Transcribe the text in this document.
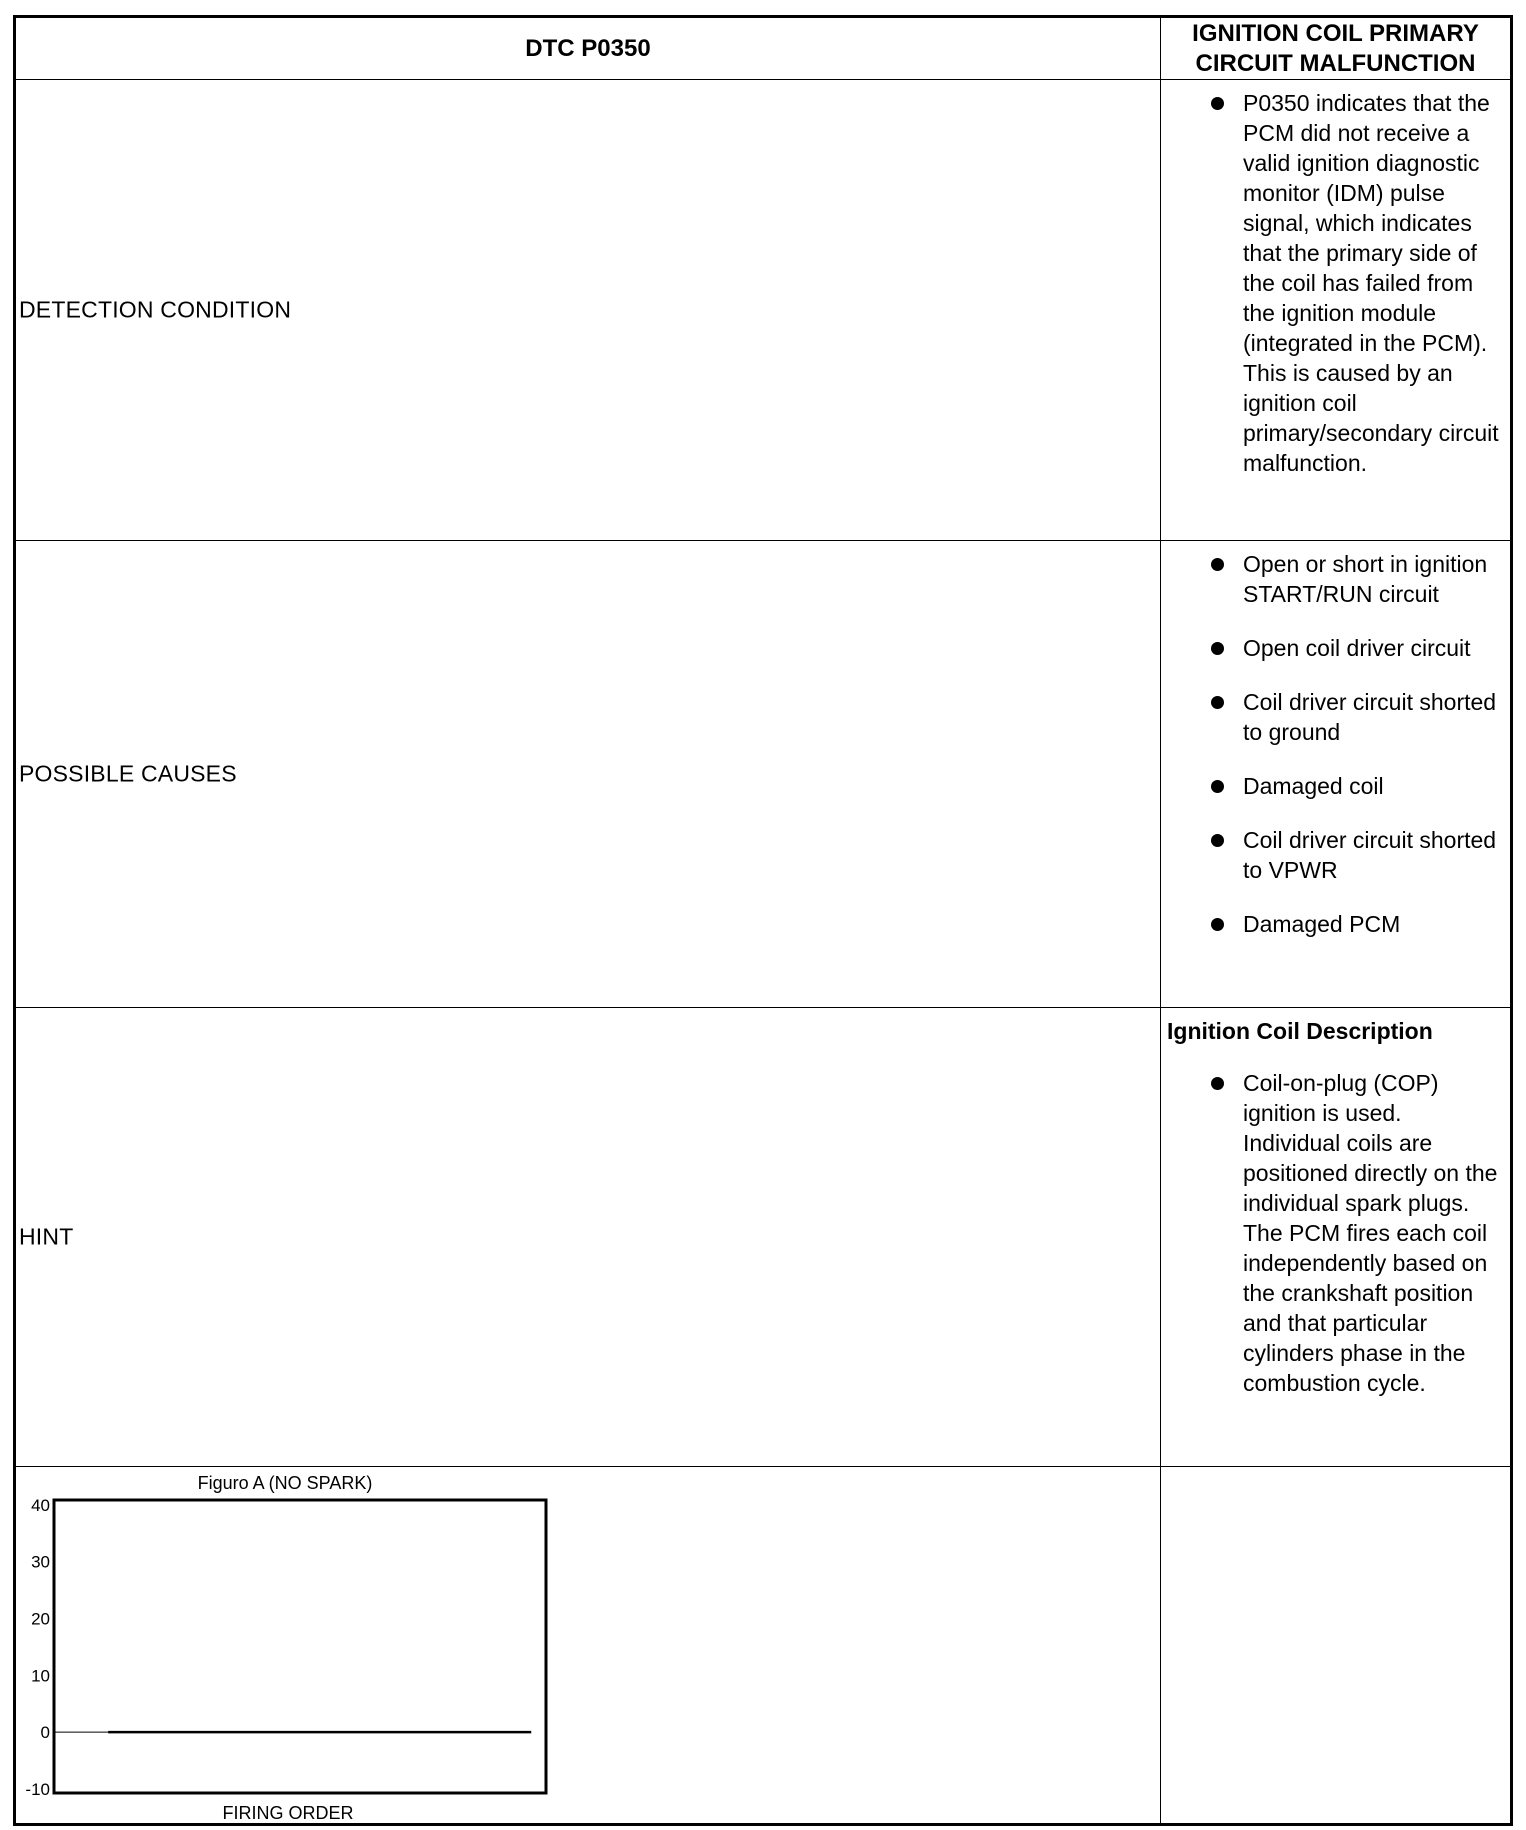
DTC P0350
IGNITION COIL PRIMARY CIRCUIT MALFUNCTION
DETECTION CONDITION
P0350 indicates that the PCM did not receive a valid ignition diagnostic monitor (IDM) pulse signal, which indicates that the primary side of the coil has failed from the ignition module (integrated in the PCM). This is caused by an ignition coil primary/secondary circuit malfunction.
POSSIBLE CAUSES
Open or short in ignition START/RUN circuit
Open coil driver circuit
Coil driver circuit shorted to ground
Damaged coil
Coil driver circuit shorted to VPWR
Damaged PCM
HINT
Ignition Coil Description
Coil-on-plug (COP) ignition is used. Individual coils are positioned directly on the individual spark plugs. The PCM fires each coil independently based on the crankshaft position and that particular cylinders phase in the combustion cycle.
Figuro A (NO SPARK)
40
30
20
10
0
-10
FIRING ORDER
